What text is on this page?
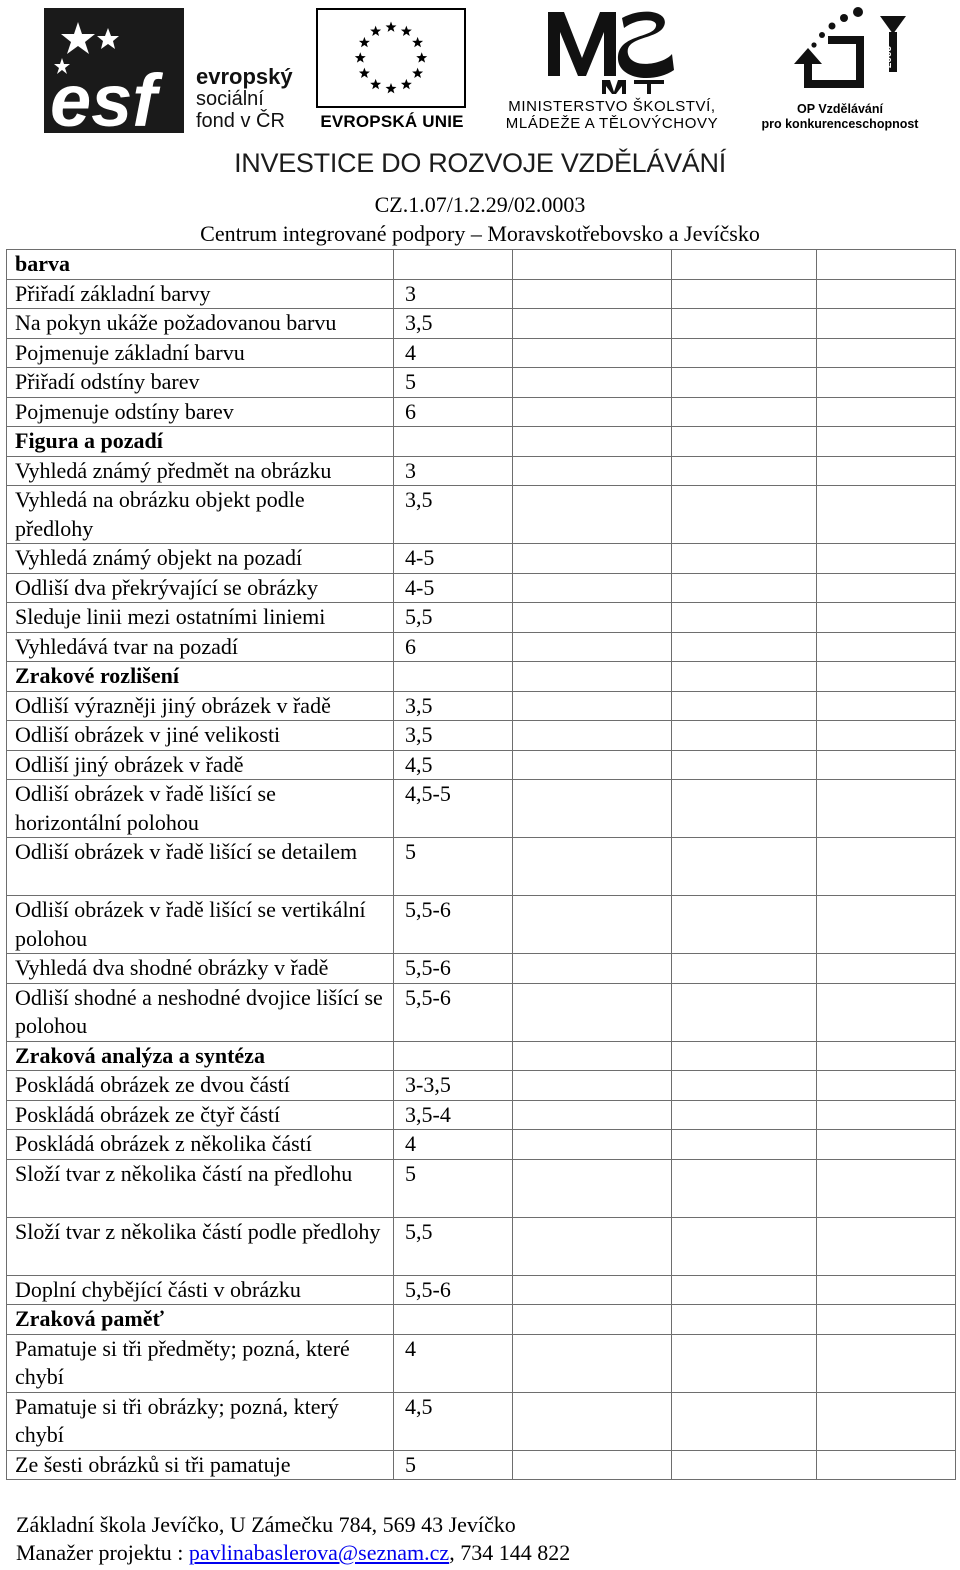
esf evropský
sociální
fond v ČR	EVROPSKÁ UNIE
MINISTERSTVO ŠKOLSTVÍ,
MLÁDEŽE A TĚLOVÝCHOVY
2007-13
OP Vzdělávání
pro konkurenceschopnost
INVESTICE DO ROZVOJE VZDĚLÁVÁNÍ
CZ.1.07/1.2.29/02.0003
Centrum integrované podpory – Moravskotřebovsko a Jevíčsko
barva				
Přiřadí základní barvy	3			
Na pokyn ukáže požadovanou barvu	3,5			
Pojmenuje základní barvu	4			
Přiřadí odstíny barev	5			
Pojmenuje odstíny barev	6			
Figura a pozadí				
Vyhledá známý předmět na obrázku	3			
Vyhledá na obrázku objekt podle předlohy	3,5			
Vyhledá známý objekt na pozadí	4-5			
Odliší dva překrývající se obrázky	4-5			
Sleduje linii mezi ostatními liniemi	5,5			
Vyhledává tvar na pozadí	6			
Zrakové rozlišení				
Odliší výrazněji jiný obrázek v řadě	3,5			
Odliší obrázek v jiné velikosti	3,5			
Odliší jiný obrázek v řadě	4,5			
Odliší obrázek v řadě lišící se horizontální polohou	4,5-5			
Odliší obrázek v řadě lišící se detailem	5			
Odliší obrázek v řadě lišící se vertikální polohou	5,5-6			
Vyhledá dva shodné obrázky v řadě	5,5-6			
Odliší shodné a neshodné dvojice lišící se polohou	5,5-6			
Zraková analýza a syntéza				
Poskládá obrázek ze dvou částí	3-3,5			
Poskládá obrázek ze čtyř částí	3,5-4			
Poskládá obrázek z několika částí	4			
Složí tvar z několika částí na předlohu	5			
Složí tvar z několika částí podle předlohy	5,5			
Doplní chybějící části v obrázku	5,5-6			
Zraková paměť				
Pamatuje si tři předměty; pozná, které chybí	4			
Pamatuje si tři obrázky; pozná, který chybí	4,5			
Ze šesti obrázků si tři pamatuje	5			
Základní škola Jevíčko, U Zámečku 784, 569 43 Jevíčko
Manažer projektu : pavlinabaslerova@seznam.cz, 734 144 822
